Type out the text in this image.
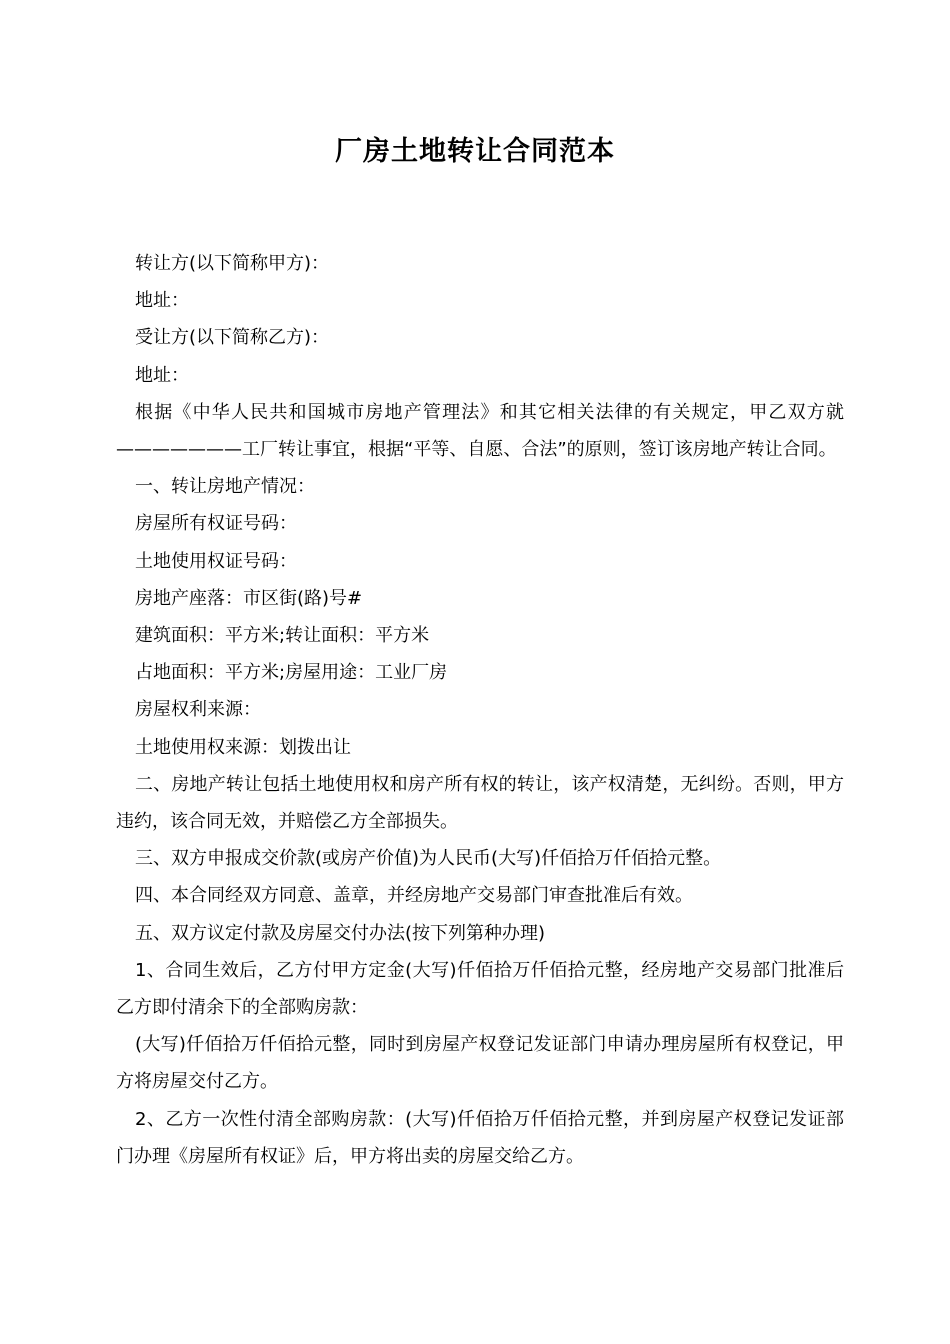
厂房土地转让合同范本

转让方(以下简称甲方)：

地址：

受让方(以下简称乙方)：

地址：

根据《中华人民共和国城市房地产管理法》和其它相关法律的有关规定，甲乙双方就———————工厂转让事宜，根据“平等、自愿、合法”的原则，签订该房地产转让合同。

一、转让房地产情况：

房屋所有权证号码：

土地使用权证号码：

房地产座落：市区街(路)号#

建筑面积：平方米;转让面积：平方米

占地面积：平方米;房屋用途：工业厂房

房屋权利来源：

土地使用权来源：划拨出让

二、房地产转让包括土地使用权和房产所有权的转让，该产权清楚，无纠纷。否则，甲方违约，该合同无效，并赔偿乙方全部损失。

三、双方申报成交价款(或房产价值)为人民币(大写)仟佰拾万仟佰拾元整。

四、本合同经双方同意、盖章，并经房地产交易部门审查批准后有效。

五、双方议定付款及房屋交付办法(按下列第种办理)

1、合同生效后，乙方付甲方定金(大写)仟佰拾万仟佰拾元整，经房地产交易部门批准后乙方即付清余下的全部购房款：

(大写)仟佰拾万仟佰拾元整，同时到房屋产权登记发证部门申请办理房屋所有权登记，甲方将房屋交付乙方。

2、乙方一次性付清全部购房款：(大写)仟佰拾万仟佰拾元整，并到房屋产权登记发证部门办理《房屋所有权证》后，甲方将出卖的房屋交给乙方。
